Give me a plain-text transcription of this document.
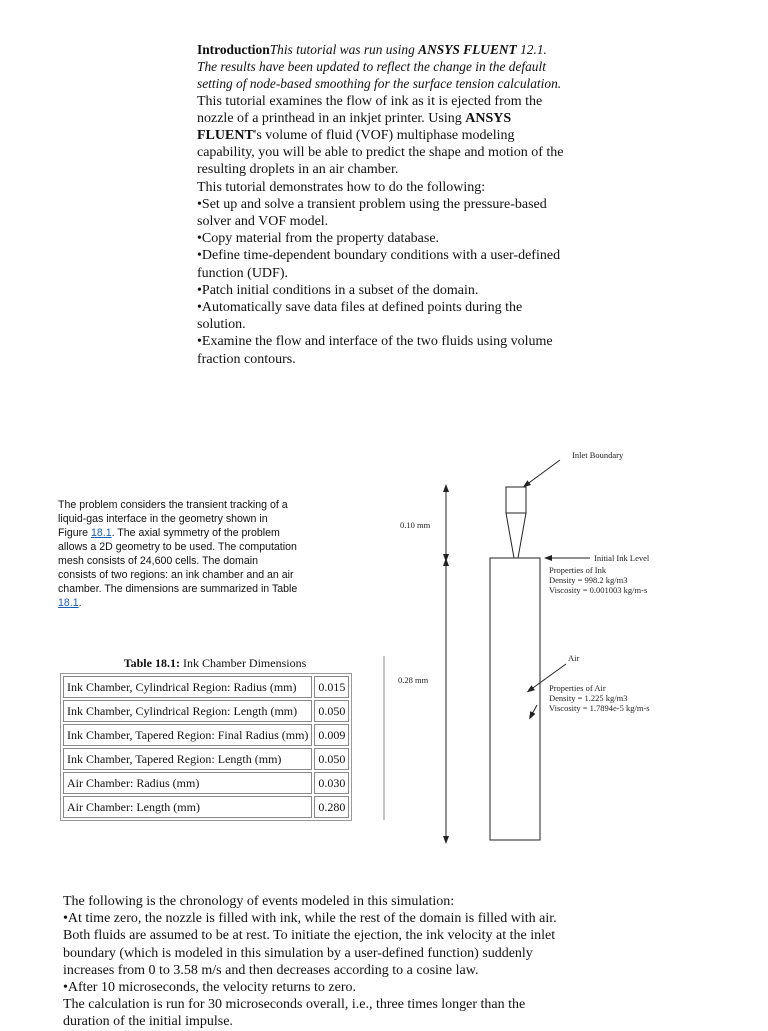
IntroductionThis tutorial was run using ANSYS FLUENT 12.1. The results have been updated to reflect the change in the default setting of node-based smoothing for the surface tension calculation.

This tutorial examines the flow of ink as it is ejected from the nozzle of a printhead in an inkjet printer. Using ANSYS FLUENT's volume of fluid (VOF) multiphase modeling capability, you will be able to predict the shape and motion of the resulting droplets in an air chamber.

This tutorial demonstrates how to do the following:

•Set up and solve a transient problem using the pressure-based solver and VOF model.

•Copy material from the property database.

•Define time-dependent boundary conditions with a user-defined function (UDF).

•Patch initial conditions in a subset of the domain.

•Automatically save data files at defined points during the solution.

•Examine the flow and interface of the two fluids using volume fraction contours.

The problem considers the transient tracking of a liquid-gas interface in the geometry shown in Figure 18.1. The axial symmetry of the problem allows a 2D geometry to be used. The computation mesh consists of 24,600 cells. The domain consists of two regions: an ink chamber and an air chamber. The dimensions are summarized in Table 18.1.
Table 18.1: Ink Chamber Dimensions
Ink Chamber, Cylindrical Region: Radius (mm)	0.015
Ink Chamber, Cylindrical Region: Length (mm)	0.050
Ink Chamber, Tapered Region: Final Radius (mm)	0.009
Ink Chamber, Tapered Region: Length (mm)	0.050
Air Chamber: Radius (mm)	0.030
Air Chamber: Length (mm)	0.280
0.10 mm
0.28 mm
Inlet Boundary
Initial Ink Level
Properties of Ink
Density = 998.2 kg/m3
Viscosity = 0.001003 kg/m-s
Air
Properties of Air
Density = 1.225 kg/m3
Viscosity = 1.7894e-5 kg/m-s

The following is the chronology of events modeled in this simulation:

•At time zero, the nozzle is filled with ink, while the rest of the domain is filled with air. Both fluids are assumed to be at rest. To initiate the ejection, the ink velocity at the inlet boundary (which is modeled in this simulation by a user-defined function) suddenly increases from 0 to 3.58 m/s and then decreases according to a cosine law.

•After 10 microseconds, the velocity returns to zero.

The calculation is run for 30 microseconds overall, i.e., three times longer than the duration of the initial impulse.
